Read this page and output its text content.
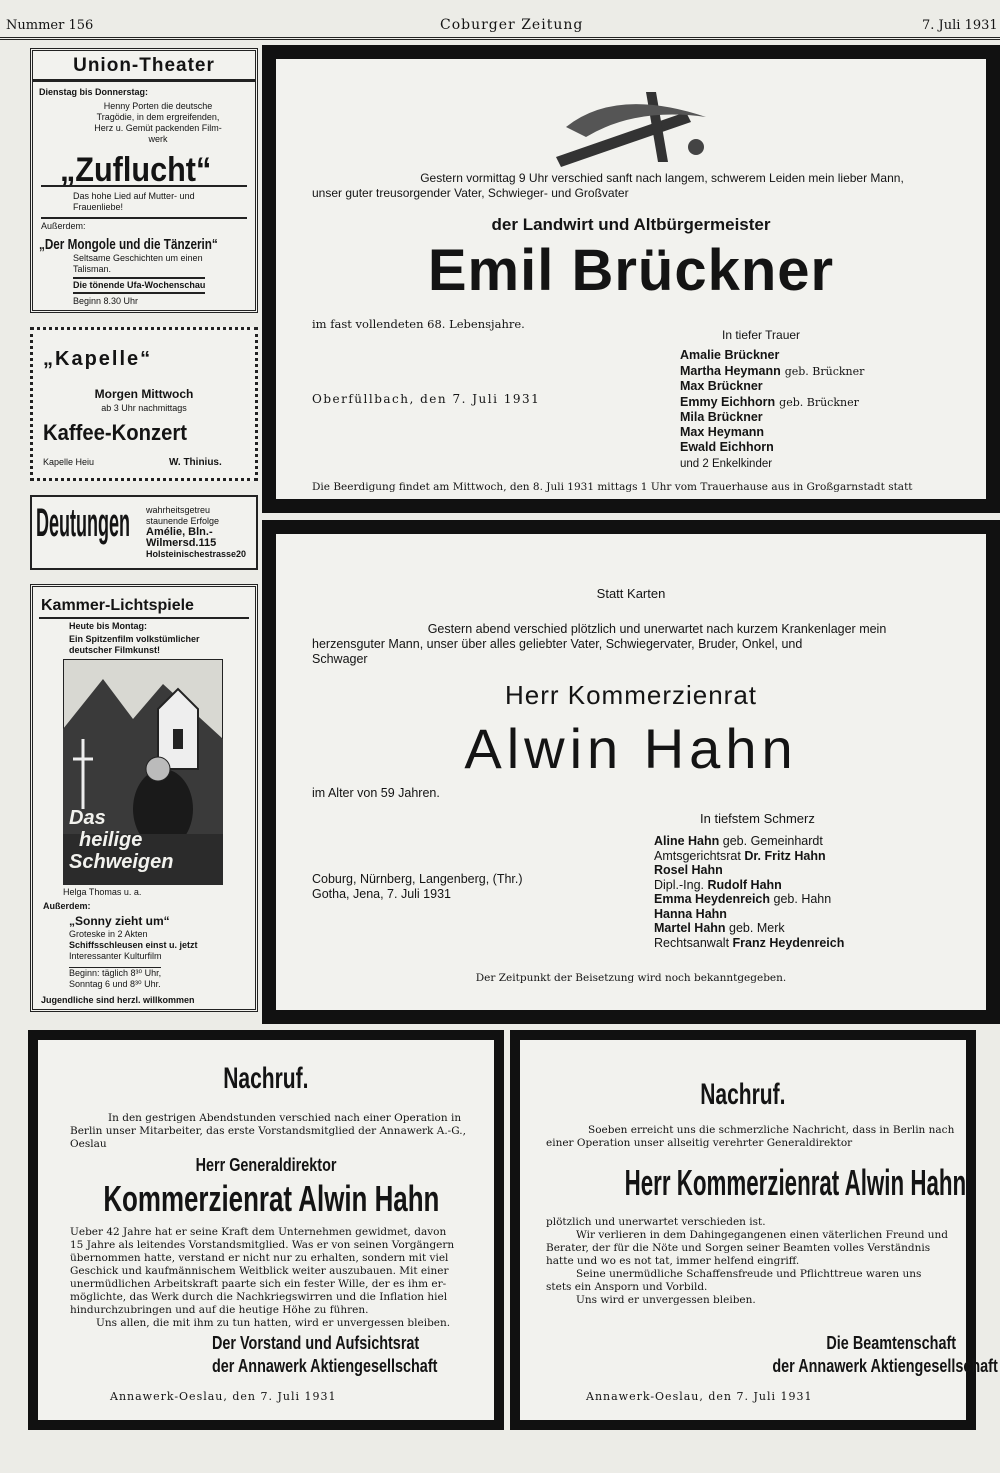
Nummer 156	Coburger Zeitung	7. Juli 1931
Union-Theater
Dienstag bis Donnerstag:
Henny Porten die deutsche
Tragödie, in dem ergreifenden,
Herz u. Gemüt packenden Film-
werk
„Zuflucht“
Das hohe Lied auf Mutter- und
Frauenliebe!
Außerdem:
„Der Mongole und die Tänzerin“
Seltsame Geschichten um einen
Talisman.
Die tönende Ufa-Wochenschau
Beginn 8.30 Uhr
„Kapelle“
Morgen Mittwoch
ab 3 Uhr nachmittags
Kaffee-Konzert
Kapelle Heiu	W. Thinius.
Deutungen	wahrheitsgetreu
staunende Erfolge
Amélie, Bln.-Wilmersd.115
Holsteinischestrasse20
Kammer-Lichtspiele
Heute bis Montag:
Ein Spitzenfilm volkstümlicher
deutscher Filmkunst!
Das
heilige
Schweigen
Helga Thomas u. a.
Außerdem:
„Sonny zieht um“
Groteske in 2 Akten
Schiffsschleusen einst u. jetzt
Interessanter Kulturfilm
Beginn: täglich 8³⁰ Uhr,
Sonntag 6 und 8³⁰ Uhr.
Jugendliche sind herzl. willkommen
Gestern vormittag 9 Uhr verschied sanft nach langem, schwerem Leiden mein lieber Mann,
unser guter treusorgender Vater, Schwieger- und Großvater
der Landwirt und Altbürgermeister
Emil Brückner
im fast vollendeten 68. Lebensjahre.
In tiefer Trauer
Oberfüllbach, den 7. Juli 1931
Amalie Brückner
Martha Heymann geb. Brückner
Max Brückner
Emmy Eichhorn geb. Brückner
Mila Brückner
Max Heymann
Ewald Eichhorn
und 2 Enkelkinder
Die Beerdigung findet am Mittwoch, den 8. Juli 1931 mittags 1 Uhr vom Trauerhause aus in Großgarnstadt statt
Statt Karten
Gestern abend verschied plötzlich und unerwartet nach kurzem Krankenlager mein
herzensguter Mann, unser über alles geliebter Vater, Schwiegervater, Bruder, Onkel, und
Schwager
Herr Kommerzienrat
Alwin Hahn
im Alter von 59 Jahren.
In tiefstem Schmerz
Coburg, Nürnberg, Langenberg, (Thr.)
Gotha, Jena, 7. Juli 1931
Aline Hahn geb. Gemeinhardt
Amtsgerichtsrat Dr. Fritz Hahn
Rosel Hahn
Dipl.-Ing. Rudolf Hahn
Emma Heydenreich geb. Hahn
Hanna Hahn
Martel Hahn geb. Merk
Rechtsanwalt Franz Heydenreich
Der Zeitpunkt der Beisetzung wird noch bekanntgegeben.
Nachruf.
In den gestrigen Abendstunden verschied nach einer Operation in
Berlin unser Mitarbeiter, das erste Vorstandsmitglied der Annawerk A.-G.,
Oeslau
Herr Generaldirektor
Kommerzienrat Alwin Hahn
Ueber 42 Jahre hat er seine Kraft dem Unternehmen gewidmet, davon
15 Jahre als leitendes Vorstandsmitglied. Was er von seinen Vorgängern
übernommen hatte, verstand er nicht nur zu erhalten, sondern mit viel
Geschick und kaufmännischem Weitblick weiter auszubauen. Mit einer
unermüdlichen Arbeitskraft paarte sich ein fester Wille, der es ihm er-
möglichte, das Werk durch die Nachkriegswirren und die Inflation hiel
hindurchzubringen und auf die heutige Höhe zu führen.
Uns allen, die mit ihm zu tun hatten, wird er unvergessen bleiben.
Der Vorstand und Aufsichtsrat
der Annawerk Aktiengesellschaft
Annawerk-Oeslau, den 7. Juli 1931
Nachruf.
Soeben erreicht uns die schmerzliche Nachricht, dass in Berlin nach
einer Operation unser allseitig verehrter Generaldirektor
Herr Kommerzienrat Alwin Hahn
plötzlich und unerwartet verschieden ist.
Wir verlieren in dem Dahingegangenen einen väterlichen Freund und
Berater, der für die Nöte und Sorgen seiner Beamten volles Verständnis
hatte und wo es not tat, immer helfend eingriff.
Seine unermüdliche Schaffensfreude und Pflichttreue waren uns
stets ein Ansporn und Vorbild.
Uns wird er unvergessen bleiben.
Die Beamtenschaft
der Annawerk Aktiengesellschaft
Annawerk-Oeslau, den 7. Juli 1931
